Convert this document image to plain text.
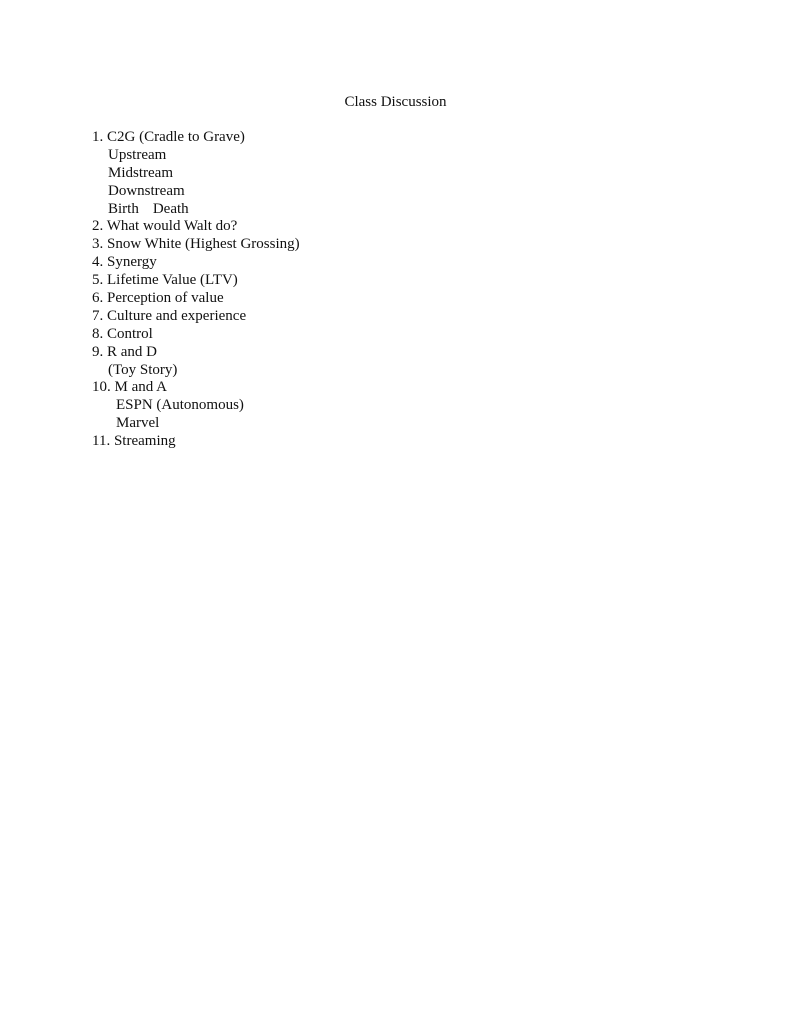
Class Discussion
1. C2G (Cradle to Grave)
Upstream
Midstream
Downstream
Birth Death
2. What would Walt do?
3. Snow White (Highest Grossing)
4. Synergy
5. Lifetime Value (LTV)
6. Perception of value
7. Culture and experience
8. Control
9. R and D
(Toy Story)
10. M and A
ESPN (Autonomous)
Marvel
11. Streaming
